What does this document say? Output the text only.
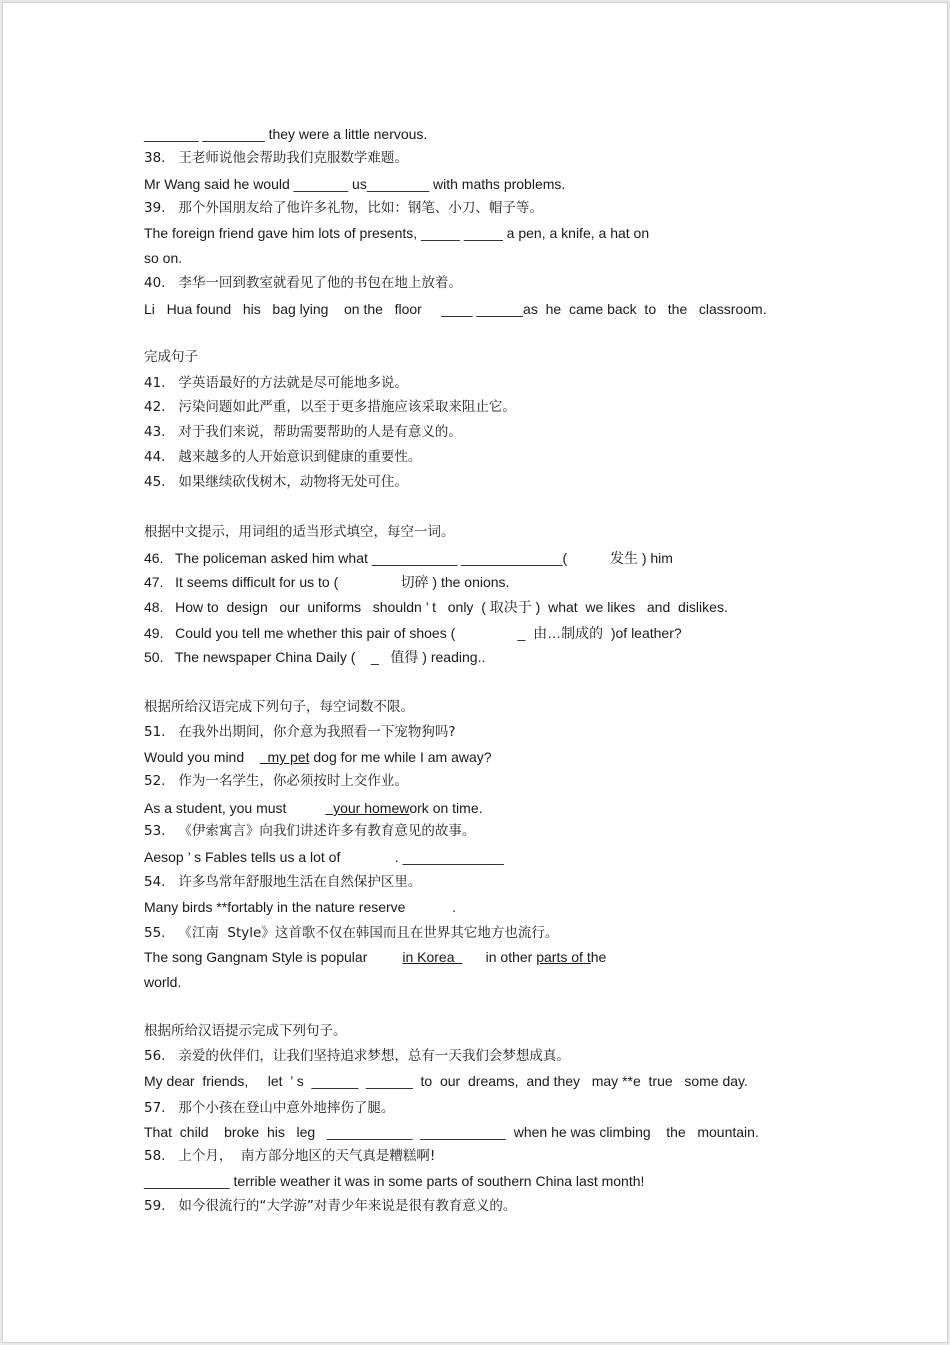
_______ ________ they were a little nervous.
38.   王老师说他会帮助我们克服数学难题。
Mr Wang said he would _______ us________ with maths problems.
39.   那个外国朋友给了他许多礼物，比如：钢笔、小刀、帽子等。
The foreign friend gave him lots of presents, _____ _____ a pen, a knife, a hat on
so on.
40.   李华一回到教室就看见了他的书包在地上放着。
Li   Hua found   his   bag lying    on the   floor     ____ ______as  he  came back  to   the   classroom.
完成句子
41.   学英语最好的方法就是尽可能地多说。
42.   污染问题如此严重，以至于更多措施应该采取来阻止它。
43.   对于我们来说，帮助需要帮助的人是有意义的。
44.   越来越多的人开始意识到健康的重要性。
45.   如果继续砍伐树木，动物将无处可住。
根据中文提示，用词组的适当形式填空，每空一词。
46.   The policeman asked him what ___________ _____________(           发生 ) him
47.   It seems difficult for us to (                切碎 ) the onions.
48.   How to  design   our  uniforms   shouldn ’ t   only  ( 取决于 )  what  we likes   and  dislikes.
49.   Could you tell me whether this pair of shoes (                _  由…制成的  )of leather?
50.   The newspaper China Daily (    _   值得 ) reading..
根据所给汉语完成下列句子，每空词数不限。
51.   在我外出期间，你介意为我照看一下宠物狗吗?
Would you mind      my pet dog for me while I am away?
52.   作为一名学生，你必须按时上交作业。
As a student, you must            your homework on time.
53.   《伊索寓言》向我们讲述许多有教育意见的故事。
Aesop ’ s Fables tells us a lot of              . _____________
54.   许多鸟常年舒服地生活在自然保护区里。
Many birds **fortably in the nature reserve            .
55.   《江南  Style》这首歌不仅在韩国而且在世界其它地方也流行。
The song Gangnam Style is popular         in Korea        in other parts of the
world.
根据所给汉语提示完成下列句子。
56.   亲爱的伙伴们，让我们坚持追求梦想，总有一天我们会梦想成真。
My dear  friends,     let  ’ s  ______  ______  to  our  dreams,  and they   may **e  true   some day.
57.   那个小孩在登山中意外地摔伤了腿。
That  child    broke  his   leg   ___________  ___________  when he was climbing    the   mountain.
58.   上个月，  南方部分地区的天气真是糟糕啊!
___________ terrible weather it was in some parts of southern China last month!
59.   如今很流行的“大学游”对青少年来说是很有教育意义的。
